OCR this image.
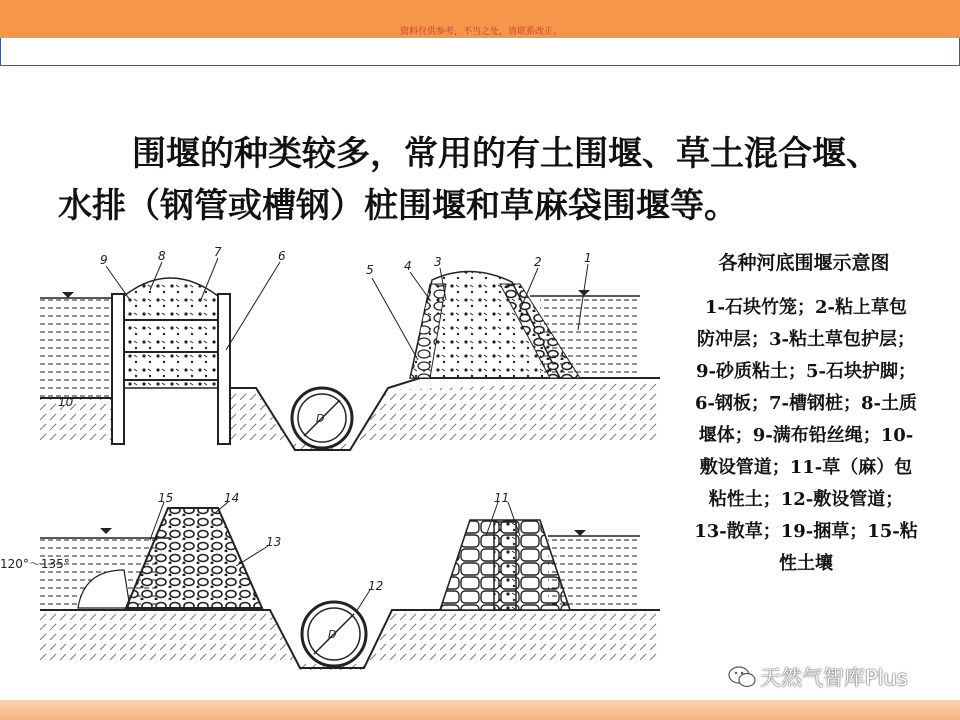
资料仅供参考，不当之处，请联系改正。
围堰的种类较多，常用的有土围堰、草土混合堰、
水排（钢管或槽钢）桩围堰和草麻袋围堰等。
9	8	7	6
10
D
5	4 3	2	1
15	14
13
120°～135°
12
D
11
各种河底围堰示意图
1-石块竹笼；2-粘上草包
防冲层；3-粘土草包护层；
9-砂质粘土；5-石块护脚；
6-钢板；7-槽钢桩；8-土质
堰体；9-满布铅丝绳；10-
敷设管道；11-草（麻）包
粘性土；12-敷设管道；
13-散草；19-捆草；15-粘
性土壤
天然气智库Plus
